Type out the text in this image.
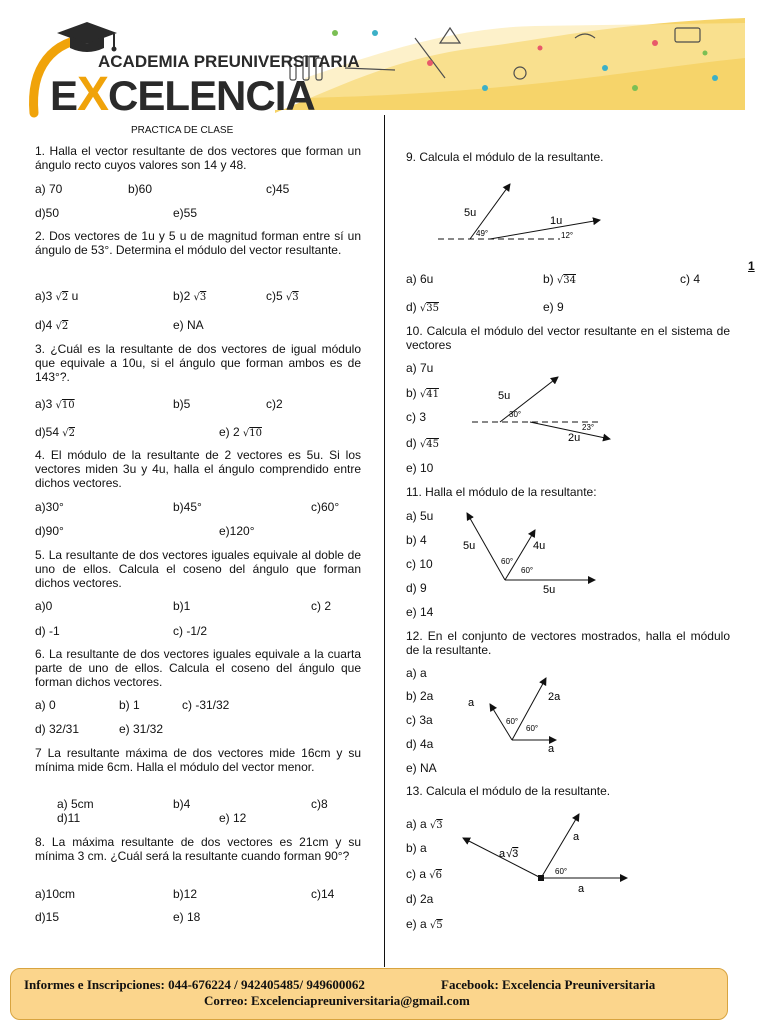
ACADEMIA PREUNIVERSITARIA
EXCELENCIA
1
PRACTICA DE CLASE
1. Halla el vector resultante de dos vectores que forman un ángulo recto cuyos valores son 14 y 48.
a) 70	b)60	c)45
d)50	e)55
2. Dos vectores de 1u y 5 u de magnitud forman entre sí un ángulo de 53°. Determina el módulo del vector resultante.
a)3 √2 u	b)2 √3	c)5 √3
d)4 √2	e) NA
3. ¿Cuál es la resultante de dos vectores de igual módulo que equivale a 10u, si el ángulo que forman ambos es de 143°?.
a)3 √10	b)5	c)2
d)54 √2	e) 2 √10
4. El módulo de la resultante de 2 vectores es 5u. Si los vectores miden 3u y 4u, halla el ángulo comprendido entre dichos vectores.
a)30°	b)45°	c)60°
d)90°	e)120°
5. La resultante de dos vectores iguales equivale al doble de uno de ellos. Calcula el coseno del ángulo que forman dichos vectores.
a)0	b)1	c) 2
d) -1	c) -1/2
6. La resultante de dos vectores iguales equivale a la cuarta parte de uno de ellos. Calcula el coseno del ángulo que forman dichos vectores.
a) 0	b) 1	c) -31/32
d) 32/31	e) 31/32
7 La resultante máxima de dos vectores mide 16cm y su mínima mide 6cm. Halla el módulo del vector menor.
a) 5cm	b)4	c)8
d)11	e) 12
8. La máxima resultante de dos vectores es 21cm y su mínima 3 cm. ¿Cuál será la resultante cuando forman 90°?
a)10cm	b)12	c)14
d)15	e) 18
9. Calcula el módulo de la resultante.
5u
1u
49°	12°
a) 6u	b) √34	c) 4
d) √35	e) 9
10. Calcula el módulo del vector resultante en el sistema de vectores
5u
2u
30°
23°
a) 7u
b) √41
c) 3
d) √45
e) 10
11. Halla el módulo de la resultante:
5u	4u
5u
60°
60°
a) 5u
b) 4
c) 10
d) 9
e) 14
12. En el conjunto de vectores mostrados, halla el módulo de la resultante.
a	2a
a
60°
60°
a) a
b) 2a
c) 3a
d) 4a
e) NA
13. Calcula el módulo de la resultante.
a√3
a
a
60°
a) a √3
b) a
c) a √6
d) 2a
e) a √5
Informes e Inscripciones: 044-676224 / 942405485/ 949600062	Facebook: Excelencia Preuniversitaria
Correo: Excelenciapreuniversitaria@gmail.com
